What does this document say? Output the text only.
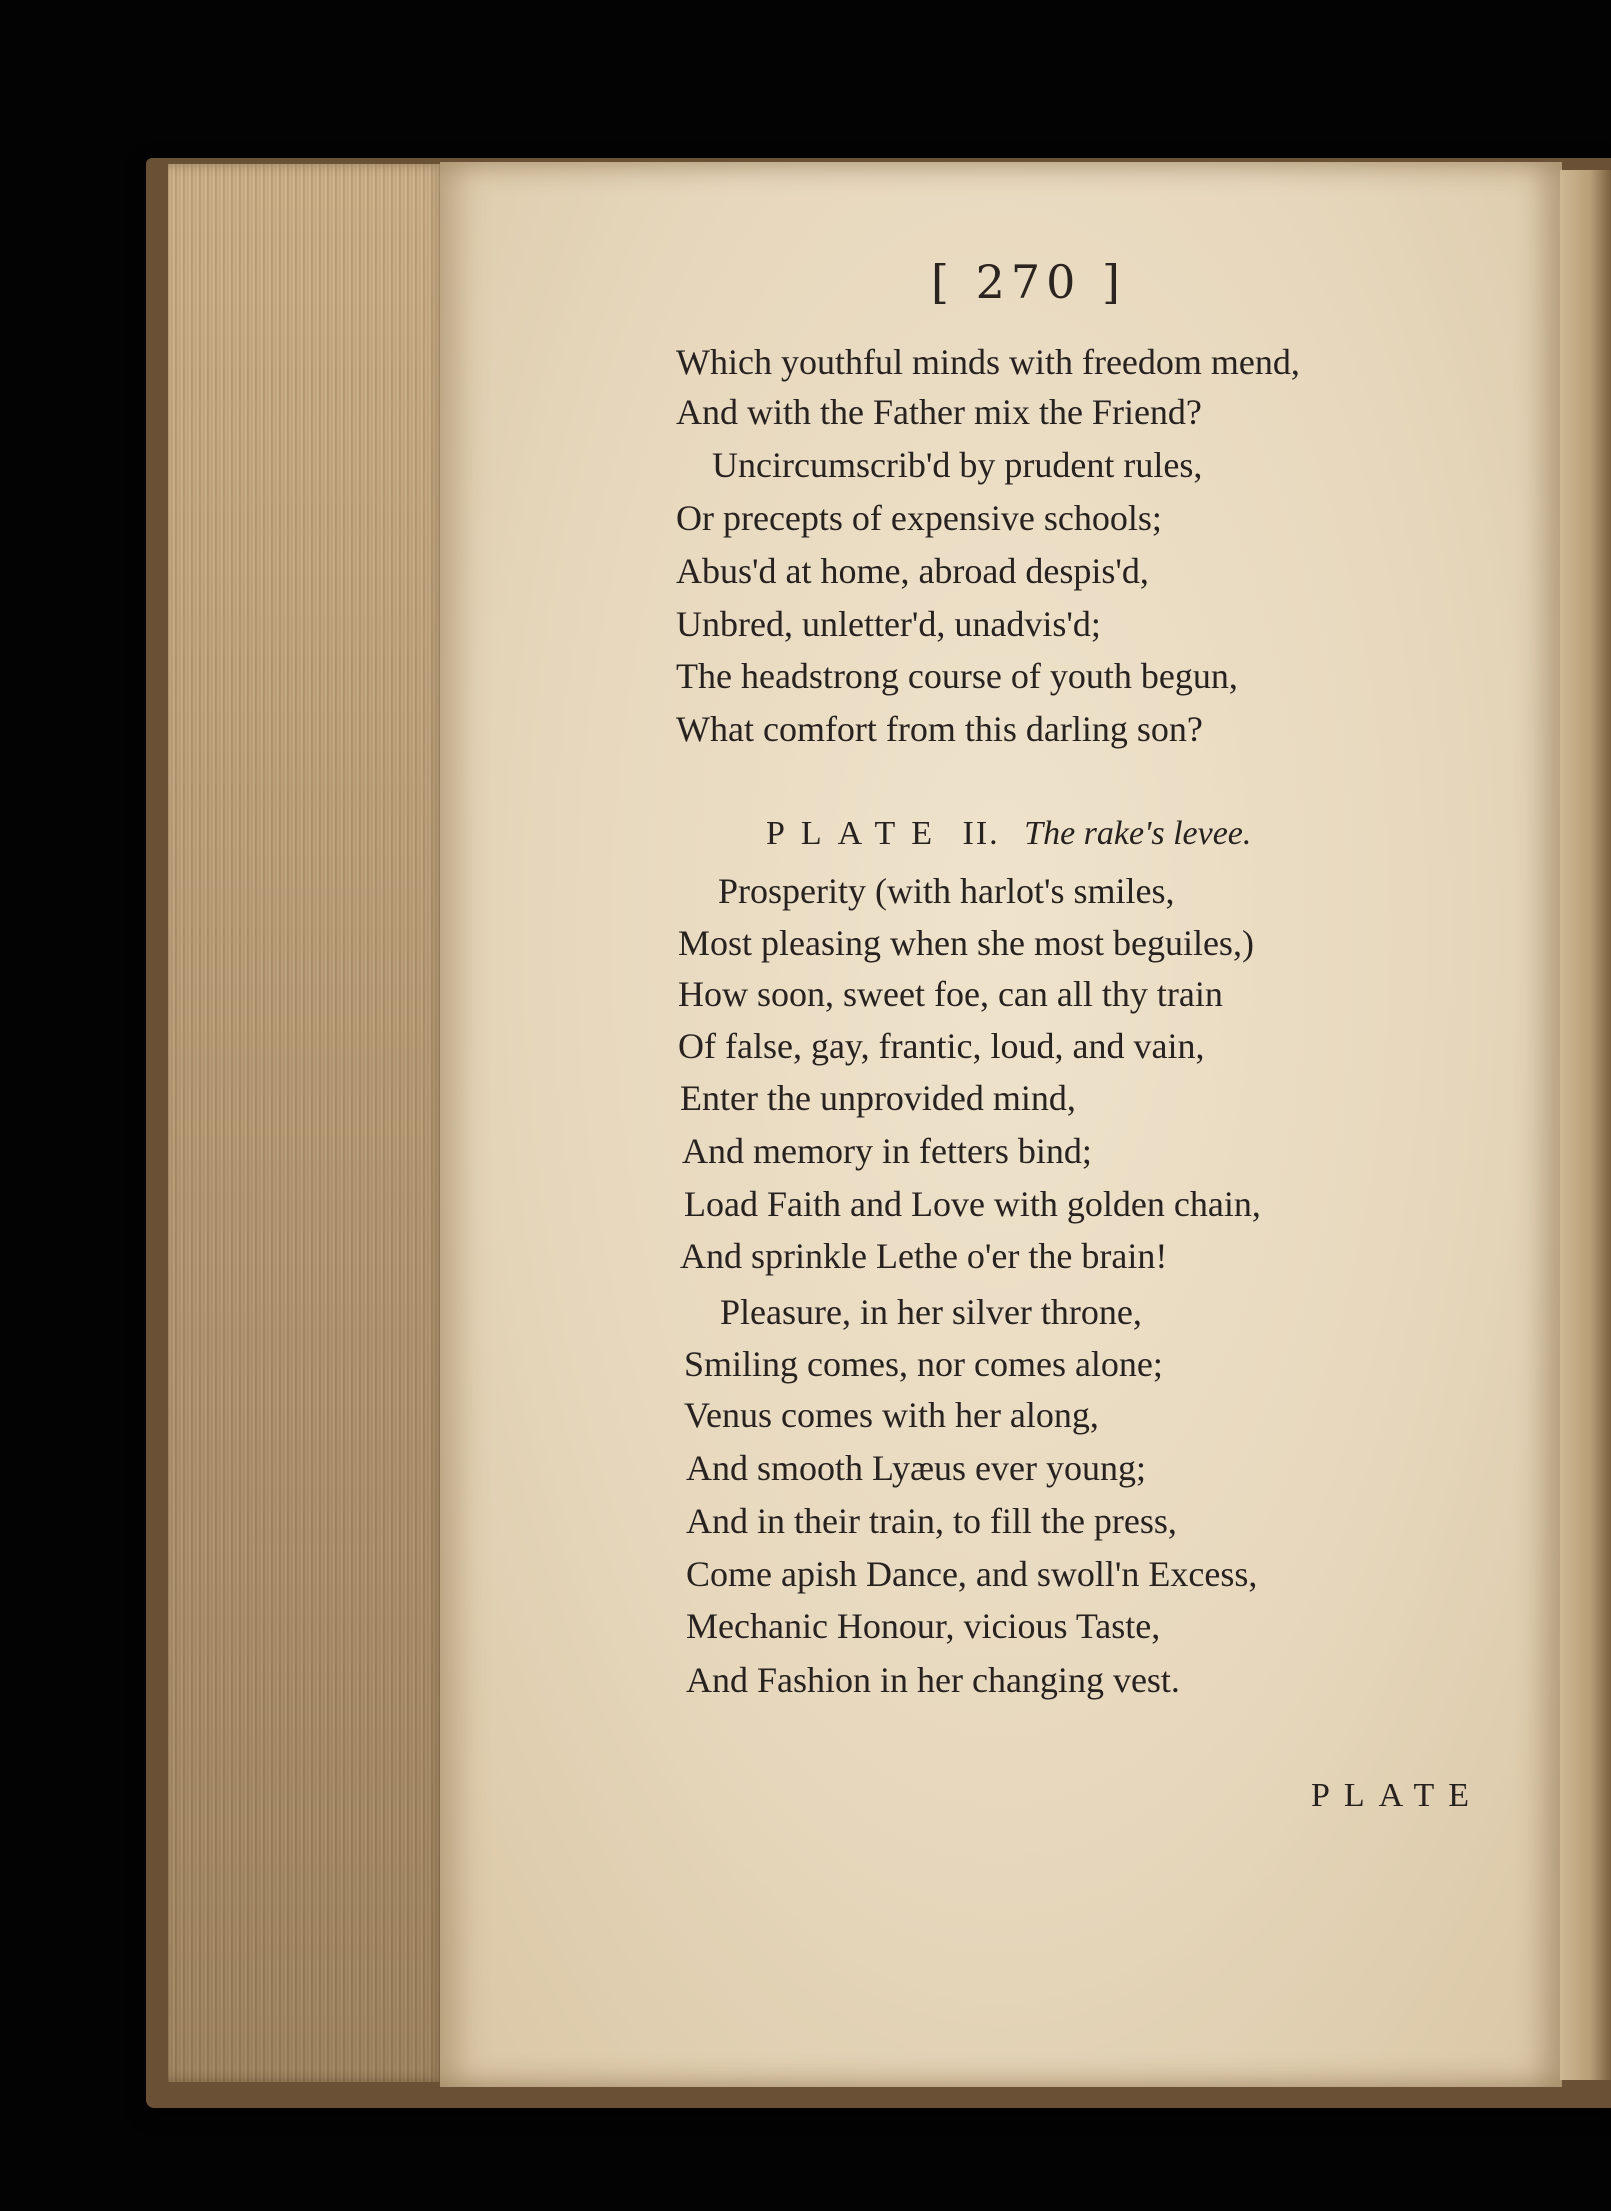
[ 270 ]
Which youthful minds with freedom mend,
And with the Father mix the Friend?
Uncircumscrib'd by prudent rules,
Or precepts of expensive schools;
Abus'd at home, abroad despis'd,
Unbred, unletter'd, unadvis'd;
The headstrong course of youth begun,
What comfort from this darling son?
PLATE II. The rake's levee.
Prosperity (with harlot's smiles,
Most pleasing when she most beguiles,)
How soon, sweet foe, can all thy train
Of false, gay, frantic, loud, and vain,
Enter the unprovided mind,
And memory in fetters bind;
Load Faith and Love with golden chain,
And sprinkle Lethe o'er the brain!
Pleasure, in her silver throne,
Smiling comes, nor comes alone;
Venus comes with her along,
And smooth Lyæus ever young;
And in their train, to fill the press,
Come apish Dance, and swoll'n Excess,
Mechanic Honour, vicious Taste,
And Fashion in her changing vest.
PLATE
